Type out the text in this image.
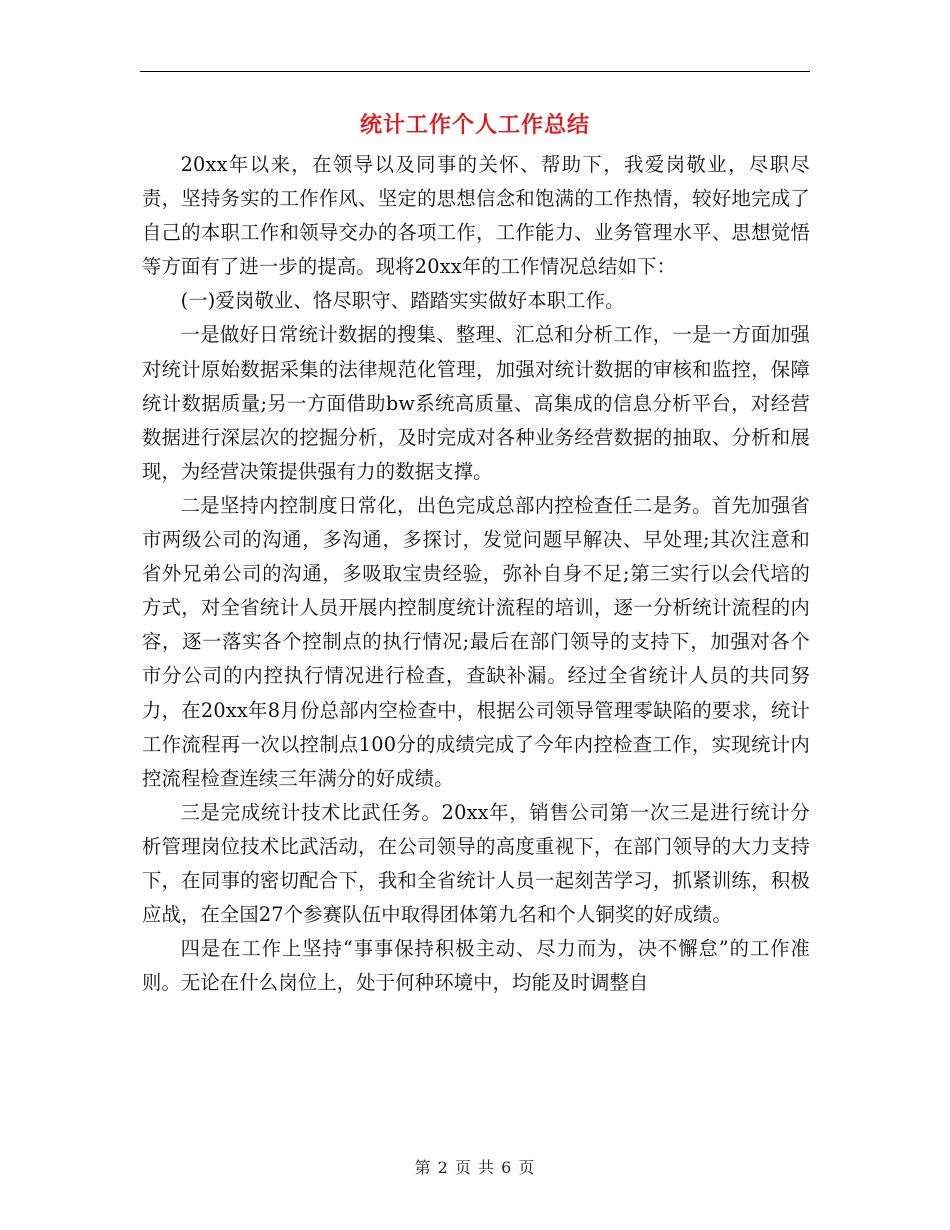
统计工作个人工作总结

20xx年以来，在领导以及同事的关怀、帮助下，我爱岗敬业，尽职尽责，坚持务实的工作作风、坚定的思想信念和饱满的工作热情，较好地完成了自己的本职工作和领导交办的各项工作，工作能力、业务管理水平、思想觉悟等方面有了进一步的提高。现将20xx年的工作情况总结如下：

(一)爱岗敬业、恪尽职守、踏踏实实做好本职工作。

一是做好日常统计数据的搜集、整理、汇总和分析工作，一是一方面加强对统计原始数据采集的法律规范化管理，加强对统计数据的审核和监控，保障统计数据质量;另一方面借助bw系统高质量、高集成的信息分析平台，对经营数据进行深层次的挖掘分析，及时完成对各种业务经营数据的抽取、分析和展现，为经营决策提供强有力的数据支撑。

二是坚持内控制度日常化，出色完成总部内控检查任二是务。首先加强省市两级公司的沟通，多沟通，多探讨，发觉问题早解决、早处理;其次注意和省外兄弟公司的沟通，多吸取宝贵经验，弥补自身不足;第三实行以会代培的方式，对全省统计人员开展内控制度统计流程的培训，逐一分析统计流程的内容，逐一落实各个控制点的执行情况;最后在部门领导的支持下，加强对各个市分公司的内控执行情况进行检查，查缺补漏。经过全省统计人员的共同努力，在20xx年8月份总部内空检查中，根据公司领导管理零缺陷的要求，统计工作流程再一次以控制点100分的成绩完成了今年内控检查工作，实现统计内控流程检查连续三年满分的好成绩。

三是完成统计技术比武任务。20xx年，销售公司第一次三是进行统计分析管理岗位技术比武活动，在公司领导的高度重视下，在部门领导的大力支持下，在同事的密切配合下，我和全省统计人员一起刻苦学习，抓紧训练，积极应战，在全国27个参赛队伍中取得团体第九名和个人铜奖的好成绩。

四是在工作上坚持“事事保持积极主动、尽力而为，决不懈怠”的工作准则。无论在什么岗位上，处于何种环境中，均能及时调整自

第 2 页 共 6 页
